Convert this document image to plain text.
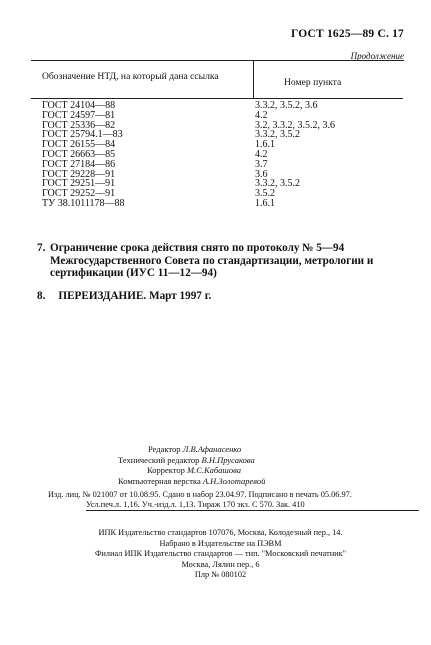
ГОСТ 1625—89 С. 17
Продолжение
Обозначение НТД, на который дана ссылка
Номер пункта
ГОСТ 24104—88	3.3.2, 3.5.2, 3.6
ГОСТ 24597—81	4.2
ГОСТ 25336—82	3.2, 3.3.2, 3.5.2, 3.6
ГОСТ 25794.1—83	3.3.2, 3.5.2
ГОСТ 26155—84	1.6.1
ГОСТ 26663—85	4.2
ГОСТ 27184—86	3.7
ГОСТ 29228—91	3.6
ГОСТ 29251—91	3.3.2, 3.5.2
ГОСТ 29252—91	3.5.2
ТУ 38.1011178—88	1.6.1
7. Ограничение срока действия снято по протоколу № 5—94 Межгосударственного Совета по стандартизации, метрологии и сертификации (ИУС 11—12—94)
8. ПЕРЕИЗДАНИЕ. Март 1997 г.
Редактор Л.В.Афанасенко
Технический редактор В.Н.Прусакова
Корректор М.С.Кабашова
Компьютерная верстка А.Н.Золотаревой
Изд. лиц. № 021007 от 10.08.95. Сдано в набор 23.04.97. Подписано в печать 05.06.97.
Усл.печ.л. 1,16. Уч.-изд.л. 1,13. Тираж 170 экз. С 570. Зак. 410
ИПК Издательство стандартов 107076, Москва, Колодезный пер., 14.
Набрано в Издательстве на ПЭВМ
Филиал ИПК Издательство стандартов — тип. "Московский печатник"
Москва, Лялин пер., 6
Плр № 080102
